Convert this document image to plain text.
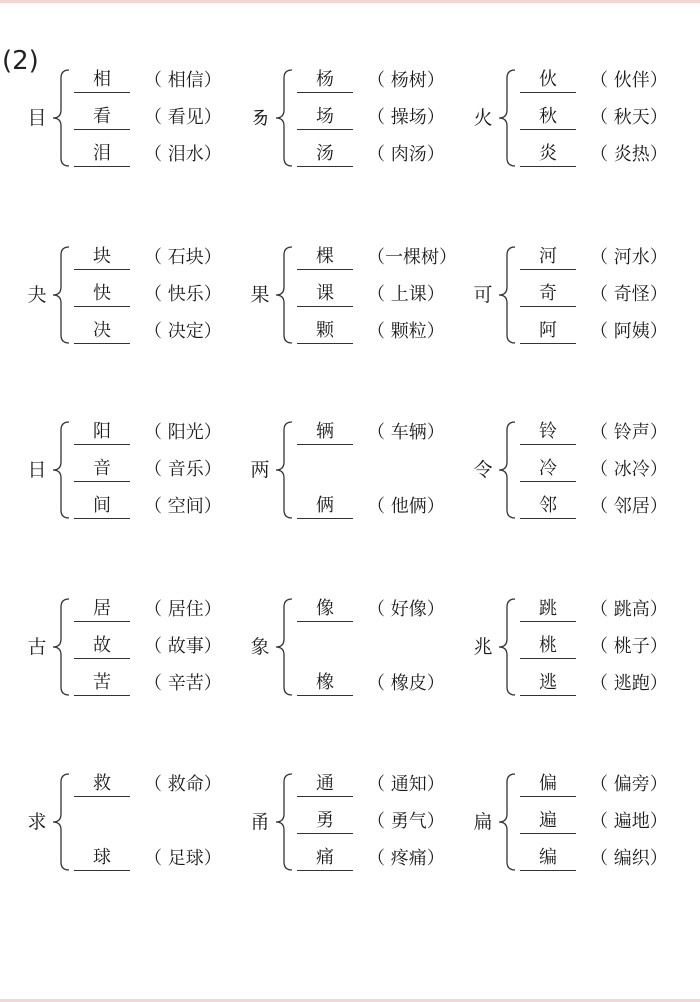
(2)
目
相	（ 相信）
看	（ 看见）
泪	（ 泪水）
𠃓
杨	（ 杨树）
场	（ 操场）
汤	（ 肉汤）
火
伙	（ 伙伴）
秋	（ 秋天）
炎	（ 炎热）
夬
块	（ 石块）
快	（ 快乐）
决	（ 决定）
果
棵	（一棵树）
课	（ 上课）
颗	（ 颗粒）
可
河	（ 河水）
奇	（ 奇怪）
阿	（ 阿姨）
日
阳	（ 阳光）
音	（ 音乐）
间	（ 空间）
两
辆	（ 车辆）
俩	（ 他俩）
令
铃	（ 铃声）
冷	（ 冰冷）
邻	（ 邻居）
古
居	（ 居住）
故	（ 故事）
苦	（ 辛苦）
象
像	（ 好像）
橡	（ 橡皮）
兆
跳	（ 跳高）
桃	（ 桃子）
逃	（ 逃跑）
求
救	（ 救命）
球	（ 足球）
甬
通	（ 通知）
勇	（ 勇气）
痛	（ 疼痛）
扁
偏	（ 偏旁）
遍	（ 遍地）
编	（ 编织）
